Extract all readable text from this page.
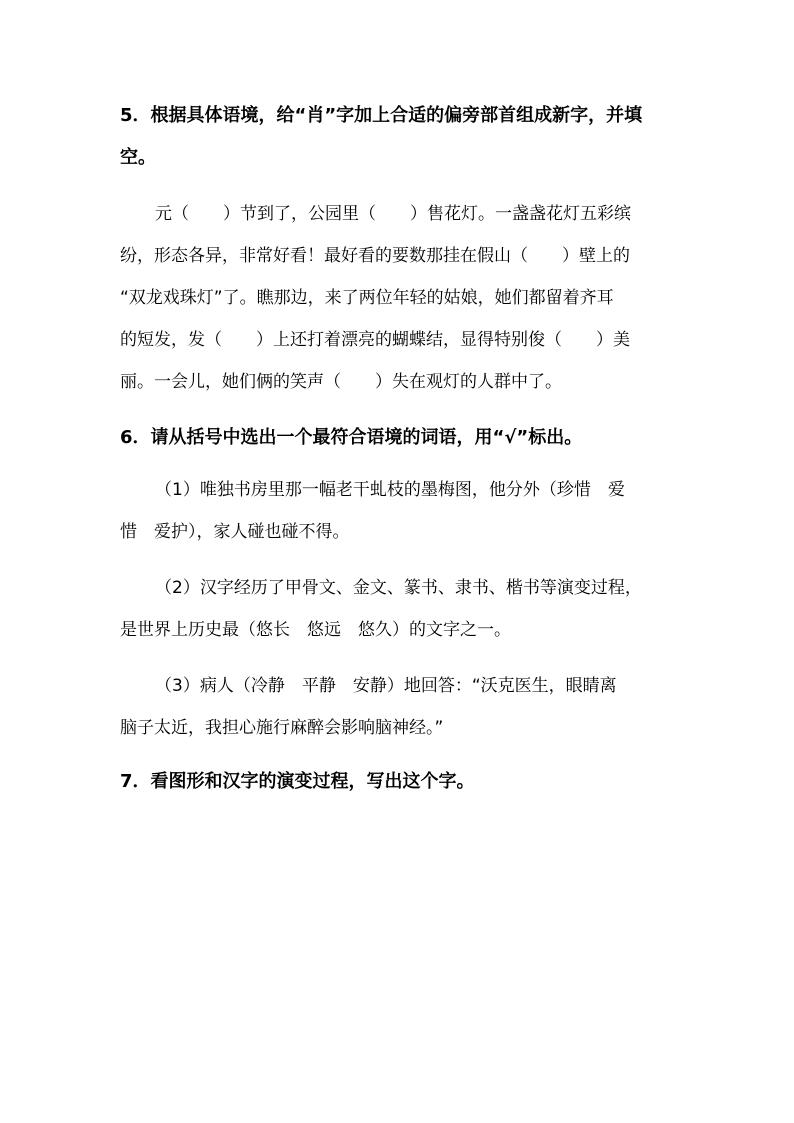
5．根据具体语境，给“肖”字加上合适的偏旁部首组成新字，并填
空。
元（　　）节到了，公园里（　　）售花灯。一盏盏花灯五彩缤
纷，形态各异，非常好看！最好看的要数那挂在假山（　　）壁上的
“双龙戏珠灯”了。瞧那边，来了两位年轻的姑娘，她们都留着齐耳
的短发，发（　　）上还打着漂亮的蝴蝶结，显得特别俊（　　）美
丽。一会儿，她们俩的笑声（　　）失在观灯的人群中了。
6．请从括号中选出一个最符合语境的词语，用“√”标出。
（1）唯独书房里那一幅老干虬枝的墨梅图，他分外（珍惜　爱
惜　爱护），家人碰也碰不得。
（2）汉字经历了甲骨文、金文、篆书、隶书、楷书等演变过程，
是世界上历史最（悠长　悠远　悠久）的文字之一。
（3）病人（冷静　平静　安静）地回答：“沃克医生，眼睛离
脑子太近，我担心施行麻醉会影响脑神经。”
7．看图形和汉字的演变过程，写出这个字。
